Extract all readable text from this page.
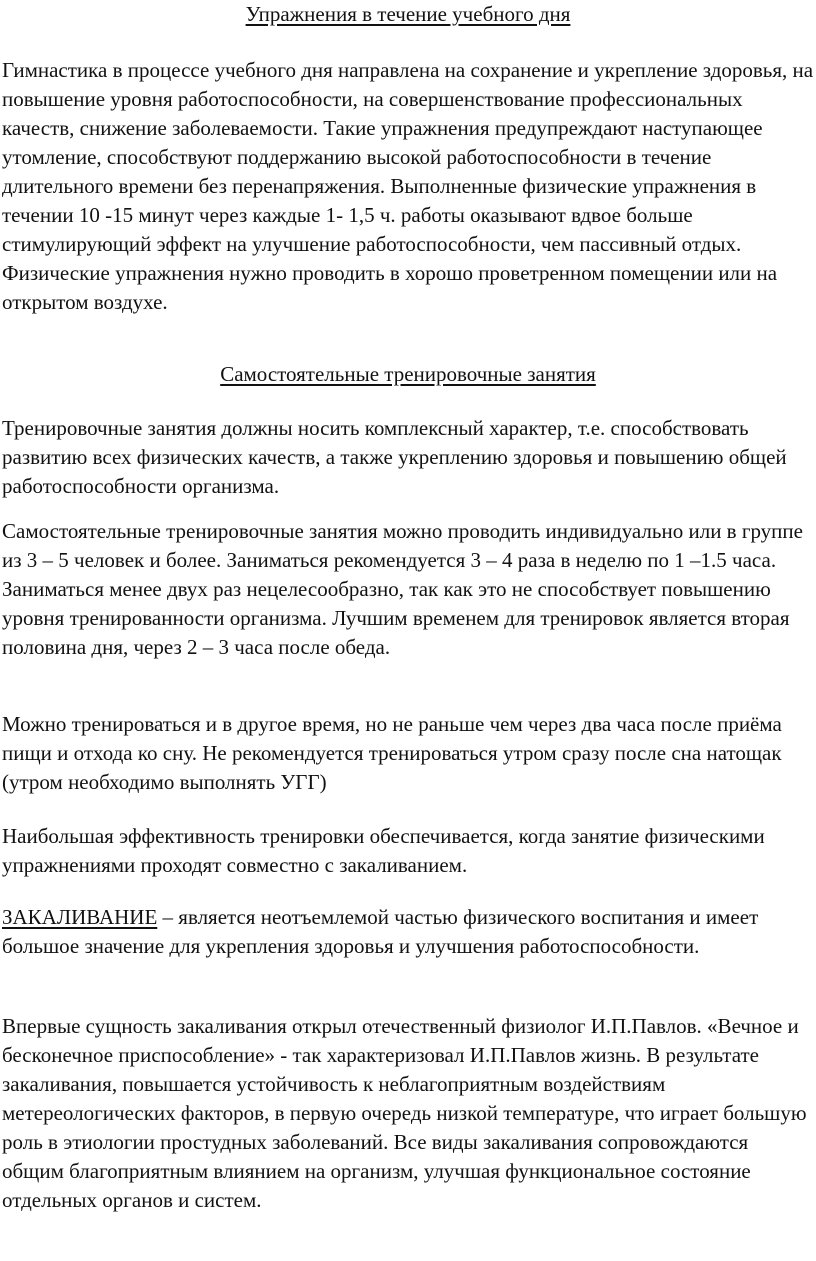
Упражнения в течение учебного дня

Гимнастика в процессе учебного дня направлена на сохранение и укрепление здоровья, на повышение уровня работоспособности, на совершенствование профессиональных качеств, снижение заболеваемости. Такие упражнения предупреждают наступающее утомление, способствуют поддержанию высокой работоспособности в течение длительного времени без перенапряжения. Выполненные физические упражнения в течении 10 -15 минут через каждые 1- 1,5 ч. работы оказывают вдвое больше стимулирующий эффект на улучшение работоспособности, чем пассивный отдых. Физические упражнения нужно проводить в хорошо проветренном помещении или на открытом воздухе.

Самостоятельные тренировочные занятия

Тренировочные занятия должны носить комплексный характер, т.е. способствовать развитию всех физических качеств, а также укреплению здоровья и повышению общей работоспособности организма.

Самостоятельные тренировочные занятия можно проводить индивидуально или в группе из 3 – 5 человек и более. Заниматься рекомендуется 3 – 4 раза в неделю по 1 –1.5 часа. Заниматься менее двух раз нецелесообразно, так как это не способствует повышению уровня тренированности организма. Лучшим временем для тренировок является вторая половина дня, через 2 – 3 часа после обеда.

Можно тренироваться и в другое время, но не раньше чем через два часа после приёма пищи и отхода ко сну. Не рекомендуется тренироваться утром сразу после сна натощак (утром необходимо выполнять УГГ)

Наибольшая эффективность тренировки обеспечивается, когда занятие физическими упражнениями проходят совместно с закаливанием.

ЗАКАЛИВАНИЕ – является неотъемлемой частью физического воспитания и имеет большое значение для укрепления здоровья и улучшения работоспособности.

Впервые сущность закаливания открыл отечественный физиолог И.П.Павлов. «Вечное и бесконечное приспособление» - так характеризовал И.П.Павлов жизнь. В результате закаливания, повышается устойчивость к неблагоприятным воздействиям метереологических факторов, в первую очередь низкой температуре, что играет большую роль в этиологии простудных заболеваний. Все виды закаливания сопровождаются общим благоприятным влиянием на организм, улучшая функциональное состояние отдельных органов и систем.
